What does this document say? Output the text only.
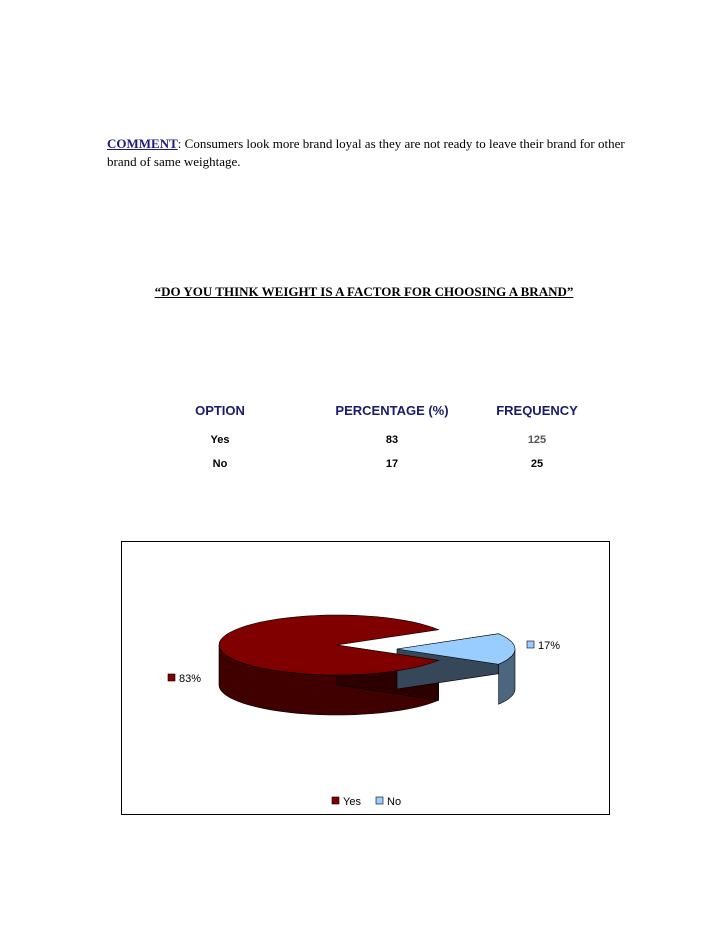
COMMENT: Consumers look more brand loyal as they are not ready to leave their brand for other brand of same weightage.
“DO YOU THINK WEIGHT IS A FACTOR FOR CHOOSING A BRAND”
OPTION	PERCENTAGE (%)	FREQUENCY
Yes	83	125
No	17	25
83%
17%
Yes No
